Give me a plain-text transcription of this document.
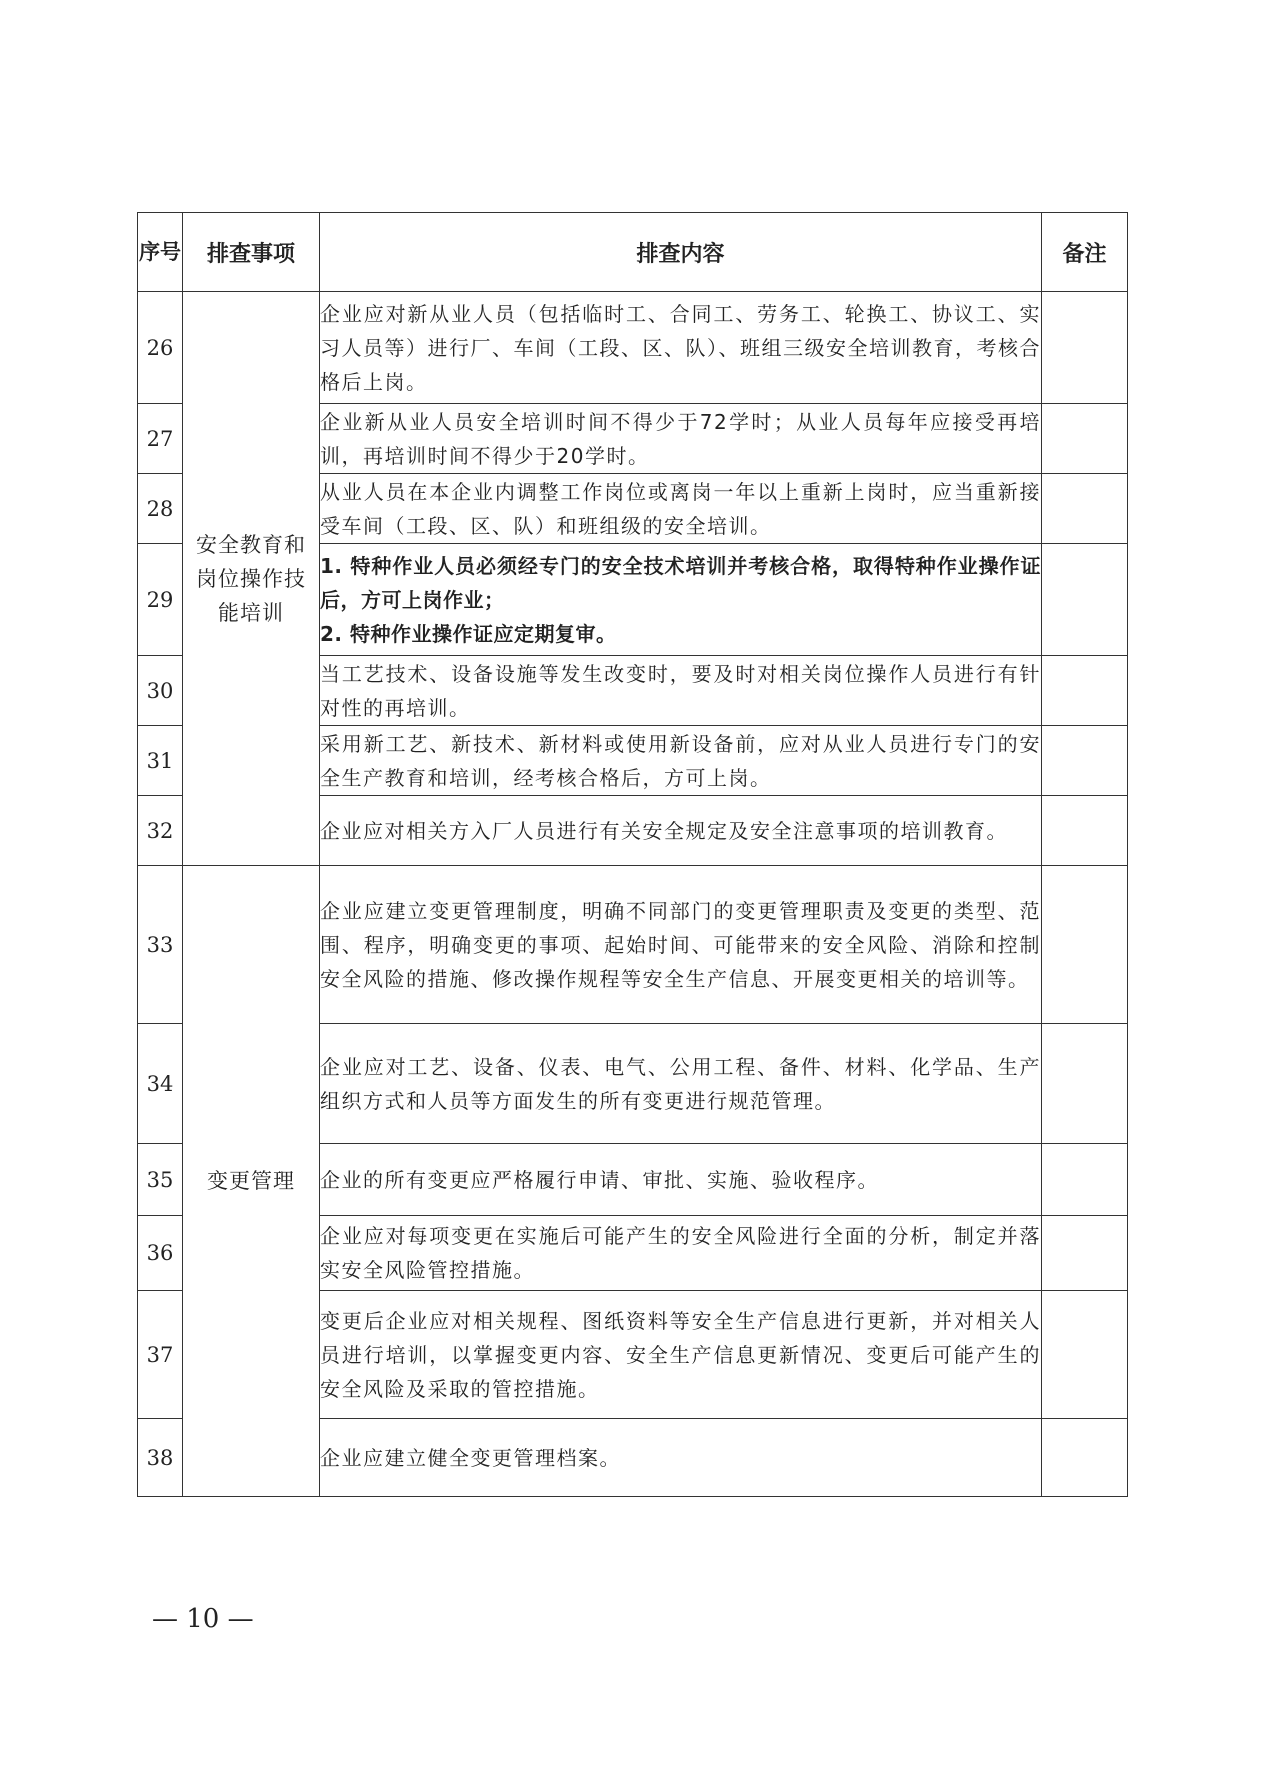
序号	排查事项	排查内容	备注
26	安全教育和岗位操作技能培训	企业应对新从业人员（包括临时工、合同工、劳务工、轮换工、协议工、实习人员等）进行厂、车间（工段、区、队）、班组三级安全培训教育，考核合格后上岗。	
27		企业新从业人员安全培训时间不得少于72学时；从业人员每年应接受再培训，再培训时间不得少于20学时。	
28		从业人员在本企业内调整工作岗位或离岗一年以上重新上岗时，应当重新接受车间（工段、区、队）和班组级的安全培训。	
29		1. 特种作业人员必须经专门的安全技术培训并考核合格，取得特种作业操作证后，方可上岗作业；
2. 特种作业操作证应定期复审。	

30		当工艺技术、设备设施等发生改变时，要及时对相关岗位操作人员进行有针对性的再培训。	
31		采用新工艺、新技术、新材料或使用新设备前，应对从业人员进行专门的安全生产教育和培训，经考核合格后，方可上岗。	
32		企业应对相关方入厂人员进行有关安全规定及安全注意事项的培训教育。	
33	变更管理	企业应建立变更管理制度，明确不同部门的变更管理职责及变更的类型、范围、程序，明确变更的事项、起始时间、可能带来的安全风险、消除和控制安全风险的措施、修改操作规程等安全生产信息、开展变更相关的培训等。	
34		企业应对工艺、设备、仪表、电气、公用工程、备件、材料、化学品、生产组织方式和人员等方面发生的所有变更进行规范管理。	
35		企业的所有变更应严格履行申请、审批、实施、验收程序。	
36		企业应对每项变更在实施后可能产生的安全风险进行全面的分析，制定并落实安全风险管控措施。	
37		变更后企业应对相关规程、图纸资料等安全生产信息进行更新，并对相关人员进行培训，以掌握变更内容、安全生产信息更新情况、变更后可能产生的安全风险及采取的管控措施。	
38		企业应建立健全变更管理档案。	
— 10 —
